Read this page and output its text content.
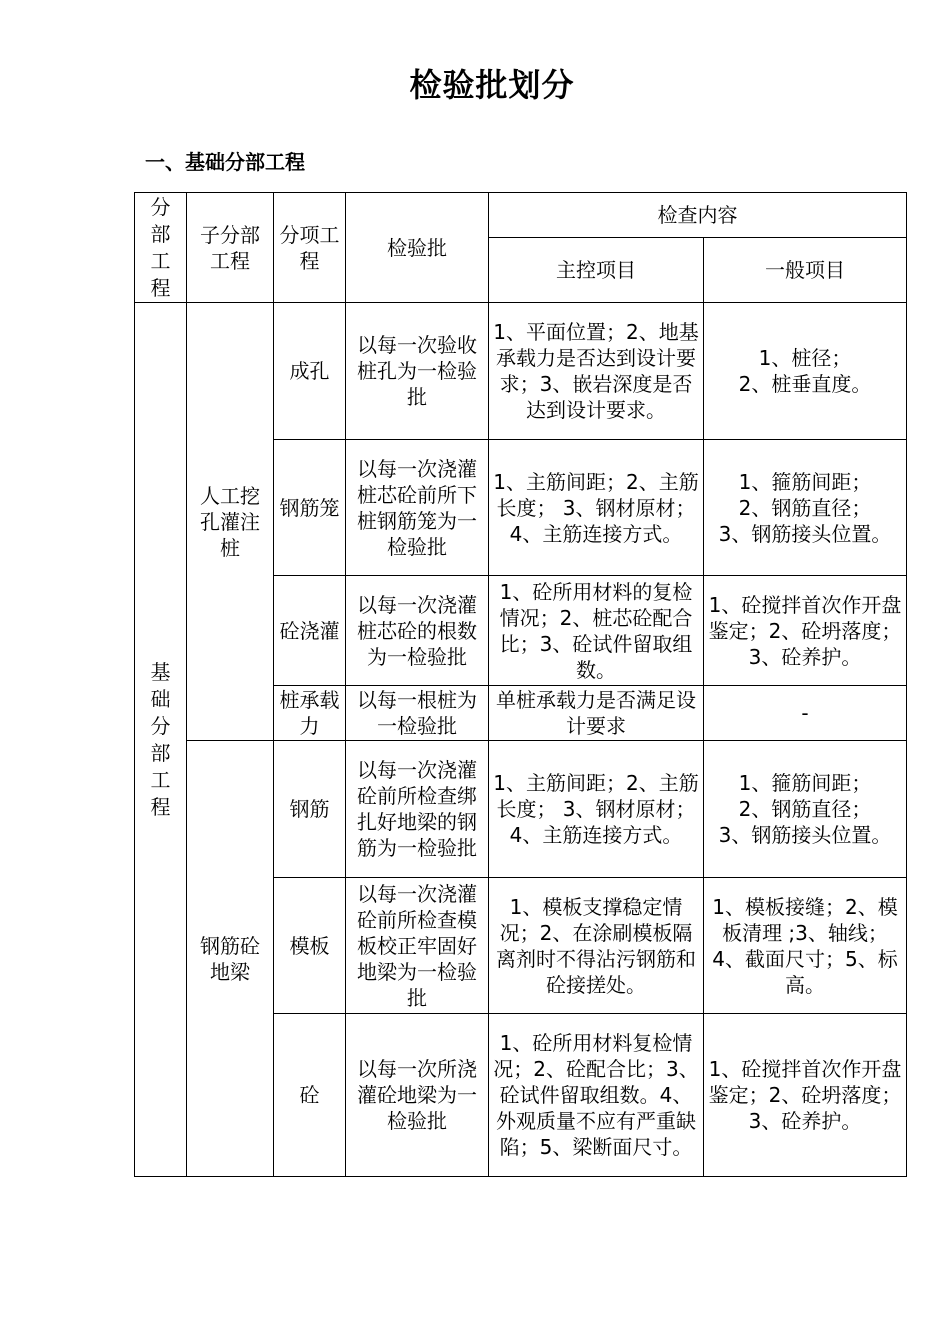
检验批划分
一、基础分部工程
分部工程	子分部工程	分项工程	检验批	检查内容	
				主控项目	一般项目
基础分部工程	人工挖孔灌注桩	成孔	以每一次验收桩孔为一检验批	1、平面位置；2、地基承载力是否达到设计要求；3、嵌岩深度是否达到设计要求。	1、桩径；
2、桩垂直度。
		钢筋笼	以每一次浇灌桩芯砼前所下桩钢筋笼为一检验批	1、主筋间距；2、主筋长度； 3、钢材原材；4、主筋连接方式。	1、箍筋间距；
2、钢筋直径；
3、钢筋接头位置。
		砼浇灌	以每一次浇灌桩芯砼的根数为一检验批	1、砼所用材料的复检情况；2、桩芯砼配合比；3、砼试件留取组数。	1、砼搅拌首次作开盘鉴定；2、砼坍落度；3、砼养护。
		桩承载力	以每一根桩为一检验批	单桩承载力是否满足设计要求	-
	钢筋砼地梁	钢筋	以每一次浇灌砼前所检查绑扎好地梁的钢筋为一检验批	1、主筋间距；2、主筋长度； 3、钢材原材；4、主筋连接方式。	1、箍筋间距；
2、钢筋直径；
3、钢筋接头位置。
		模板	以每一次浇灌砼前所检查模板校正牢固好地梁为一检验批	1、模板支撑稳定情况；2、在涂刷模板隔离剂时不得沾污钢筋和砼接搓处。	1、模板接缝；2、模板清理 ;3、轴线；4、截面尺寸；5、标高。
		砼	以每一次所浇灌砼地梁为一检验批	1、砼所用材料复检情况；2、砼配合比；3、砼试件留取组数。4、外观质量不应有严重缺陷；5、梁断面尺寸。	1、砼搅拌首次作开盘鉴定；2、砼坍落度；3、砼养护。
